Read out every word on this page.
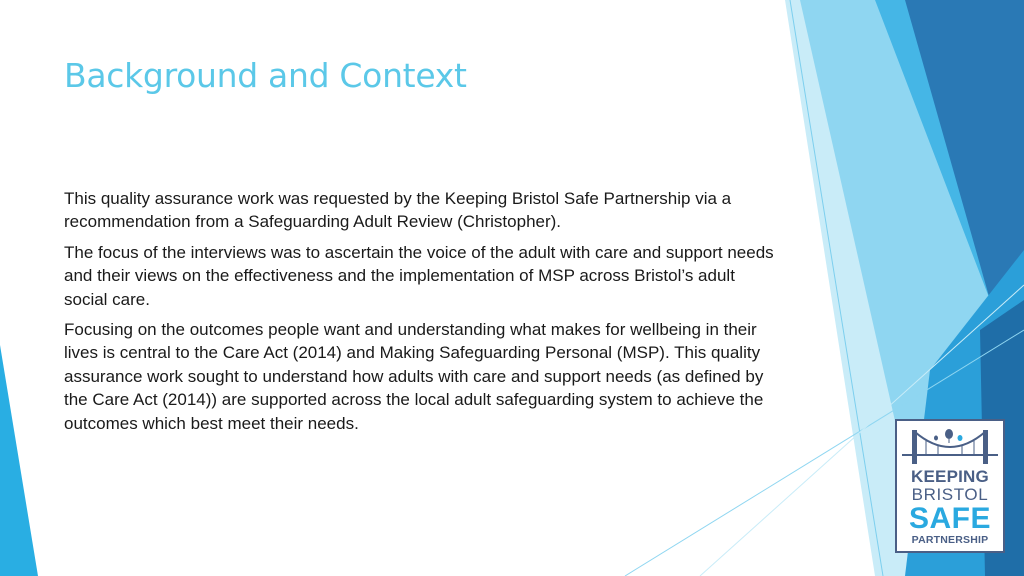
Background and Context

This quality assurance work was requested by the Keeping Bristol Safe Partnership via a recommendation from a Safeguarding Adult Review (Christopher).

The focus of the interviews was to ascertain the voice of the adult with care and support needs and their views on the effectiveness and the implementation of MSP across Bristol’s adult social care.

Focusing on the outcomes people want and understanding what makes for wellbeing in their lives is central to the Care Act (2014) and Making Safeguarding Personal (MSP). This quality assurance work sought to understand how adults with care and support needs (as defined by the Care Act (2014)) are supported across the local adult safeguarding system to achieve the outcomes which best meet their needs.

KEEPING
BRISTOL
SAFE
PARTNERSHIP
